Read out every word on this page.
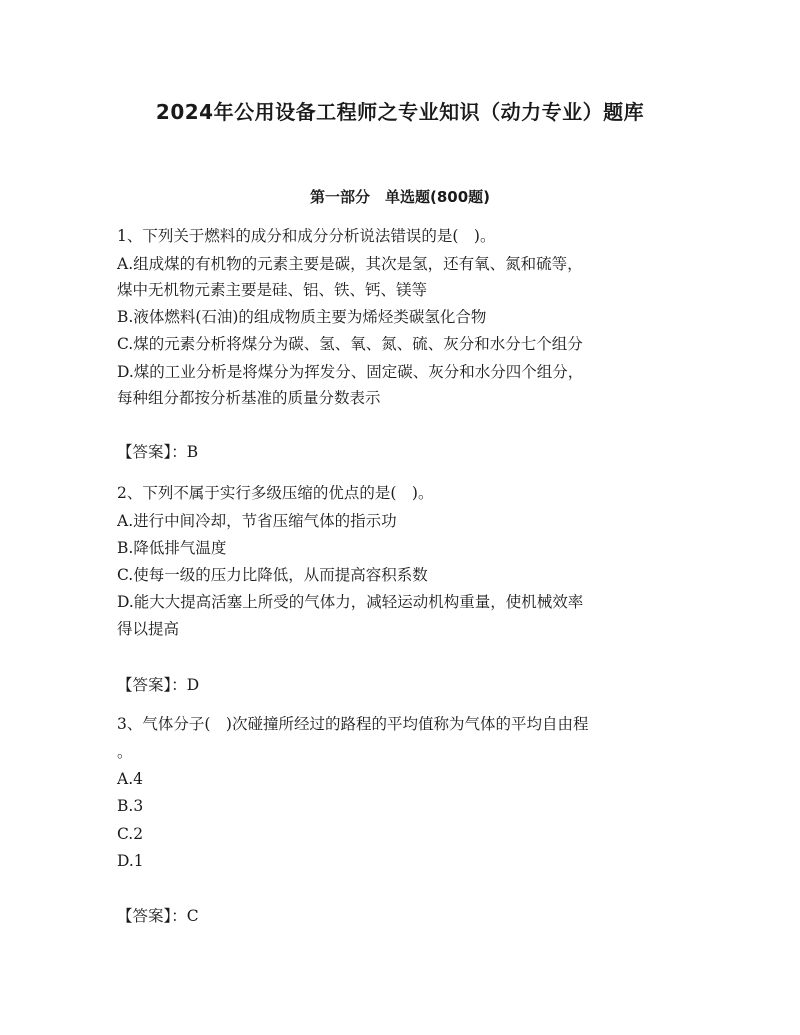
2024年公用设备工程师之专业知识（动力专业）题库
第一部分　单选题(800题)
1、下列关于燃料的成分和成分分析说法错误的是(　)。
A.组成煤的有机物的元素主要是碳，其次是氢，还有氧、氮和硫等，
煤中无机物元素主要是硅、铝、铁、钙、镁等
B.液体燃料(石油)的组成物质主要为烯烃类碳氢化合物
C.煤的元素分析将煤分为碳、氢、氧、氮、硫、灰分和水分七个组分
D.煤的工业分析是将煤分为挥发分、固定碳、灰分和水分四个组分，
每种组分都按分析基准的质量分数表示
【答案】：B
2、下列不属于实行多级压缩的优点的是(　)。
A.进行中间冷却，节省压缩气体的指示功
B.降低排气温度
C.使每一级的压力比降低，从而提高容积系数
D.能大大提高活塞上所受的气体力，减轻运动机构重量，使机械效率
得以提高
【答案】：D
3、气体分子(　)次碰撞所经过的路程的平均值称为气体的平均自由程
。
A.4
B.3
C.2
D.1
【答案】：C
